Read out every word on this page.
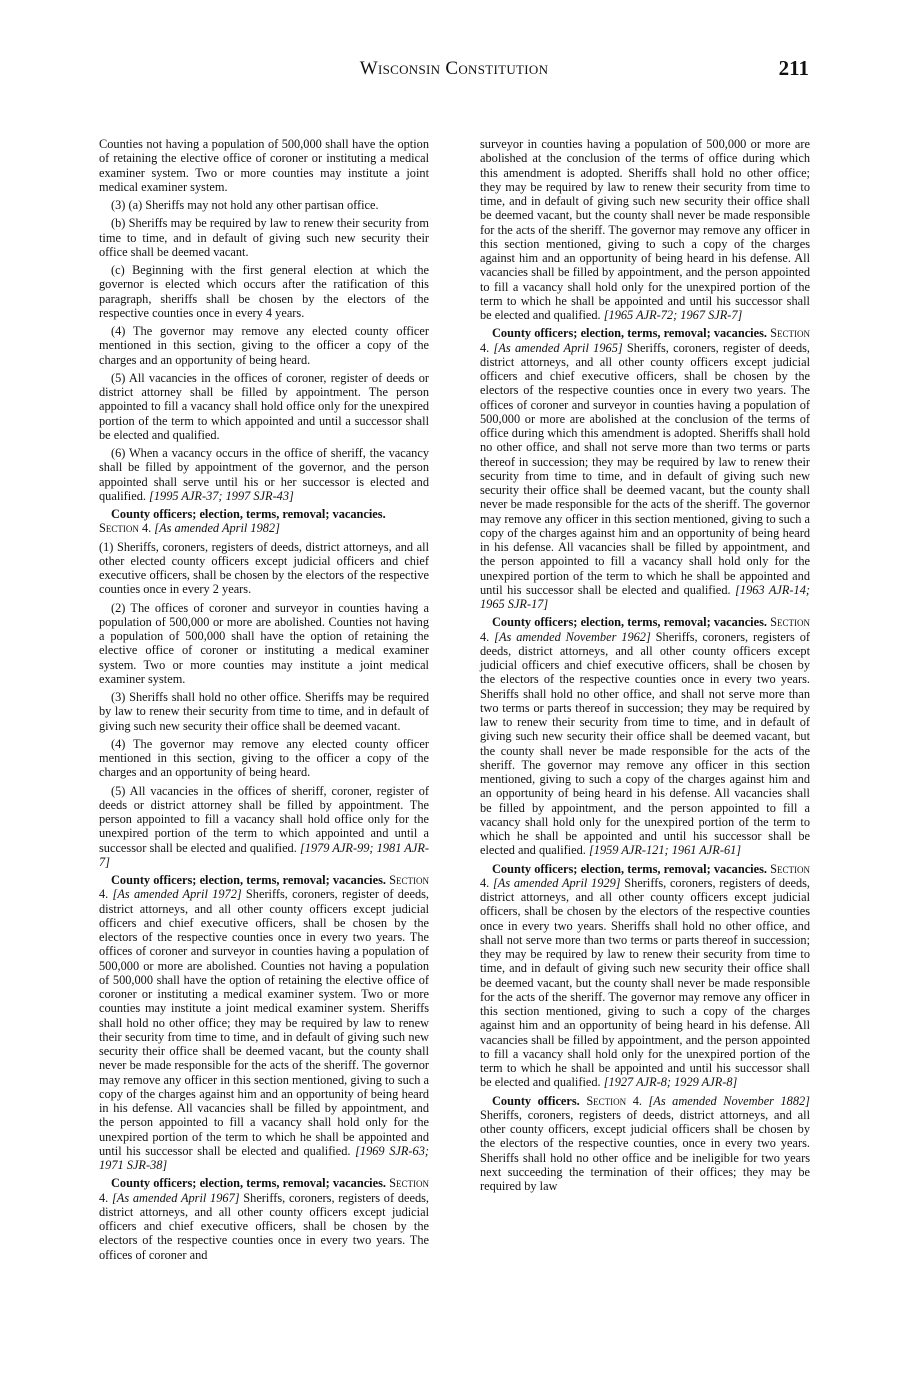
Wisconsin Constitution	211

Counties not having a population of 500,000 shall have the option of retaining the elective office of coroner or instituting a medical examiner system. Two or more counties may institute a joint medical examiner system.

(3) (a) Sheriffs may not hold any other partisan office.

(b) Sheriffs may be required by law to renew their security from time to time, and in default of giving such new security their office shall be deemed vacant.

(c) Beginning with the first general election at which the governor is elected which occurs after the ratification of this paragraph, sheriffs shall be chosen by the electors of the respective counties once in every 4 years.

(4) The governor may remove any elected county officer mentioned in this section, giving to the officer a copy of the charges and an opportunity of being heard.

(5) All vacancies in the offices of coroner, register of deeds or district attorney shall be filled by appointment. The person appointed to fill a vacancy shall hold office only for the unexpired portion of the term to which appointed and until a successor shall be elected and qualified.

(6) When a vacancy occurs in the office of sheriff, the vacancy shall be filled by appointment of the governor, and the person appointed shall serve until his or her successor is elected and qualified. [1995 AJR-37; 1997 SJR-43]

County officers; election, terms, removal; vacancies.
Section 4. [As amended April 1982]

(1) Sheriffs, coroners, registers of deeds, district attorneys, and all other elected county officers except judicial officers and chief executive officers, shall be chosen by the electors of the respective counties once in every 2 years.

(2) The offices of coroner and surveyor in counties having a population of 500,000 or more are abolished. Counties not having a population of 500,000 shall have the option of retaining the elective office of coroner or instituting a medical examiner system. Two or more counties may institute a joint medical examiner system.

(3) Sheriffs shall hold no other office. Sheriffs may be required by law to renew their security from time to time, and in default of giving such new security their office shall be deemed vacant.

(4) The governor may remove any elected county officer mentioned in this section, giving to the officer a copy of the charges and an opportunity of being heard.

(5) All vacancies in the offices of sheriff, coroner, register of deeds or district attorney shall be filled by appointment. The person appointed to fill a vacancy shall hold office only for the unexpired portion of the term to which appointed and until a successor shall be elected and qualified. [1979 AJR-99; 1981 AJR-7]

County officers; election, terms, removal; vacancies. Section 4. [As amended April 1972] Sheriffs, coroners, register of deeds, district attorneys, and all other county officers except judicial officers and chief executive officers, shall be chosen by the electors of the respective counties once in every two years. The offices of coroner and surveyor in counties having a population of 500,000 or more are abolished. Counties not having a population of 500,000 shall have the option of retaining the elective office of coroner or instituting a medical examiner system. Two or more counties may institute a joint medical examiner system. Sheriffs shall hold no other office; they may be required by law to renew their security from time to time, and in default of giving such new security their office shall be deemed vacant, but the county shall never be made responsible for the acts of the sheriff. The governor may remove any officer in this section mentioned, giving to such a copy of the charges against him and an opportunity of being heard in his defense. All vacancies shall be filled by appointment, and the person appointed to fill a vacancy shall hold only for the unexpired portion of the term to which he shall be appointed and until his successor shall be elected and qualified. [1969 SJR-63; 1971 SJR-38]

County officers; election, terms, removal; vacancies. Section 4. [As amended April 1967] Sheriffs, coroners, registers of deeds, district attorneys, and all other county officers except judicial officers and chief executive officers, shall be chosen by the electors of the respective counties once in every two years. The offices of coroner and

surveyor in counties having a population of 500,000 or more are abolished at the conclusion of the terms of office during which this amendment is adopted. Sheriffs shall hold no other office; they may be required by law to renew their security from time to time, and in default of giving such new security their office shall be deemed vacant, but the county shall never be made responsible for the acts of the sheriff. The governor may remove any officer in this section mentioned, giving to such a copy of the charges against him and an opportunity of being heard in his defense. All vacancies shall be filled by appointment, and the person appointed to fill a vacancy shall hold only for the unexpired portion of the term to which he shall be appointed and until his successor shall be elected and qualified. [1965 AJR-72; 1967 SJR-7]

County officers; election, terms, removal; vacancies. Section 4. [As amended April 1965] Sheriffs, coroners, register of deeds, district attorneys, and all other county officers except judicial officers and chief executive officers, shall be chosen by the electors of the respective counties once in every two years. The offices of coroner and surveyor in counties having a population of 500,000 or more are abolished at the conclusion of the terms of office during which this amendment is adopted. Sheriffs shall hold no other office, and shall not serve more than two terms or parts thereof in succession; they may be required by law to renew their security from time to time, and in default of giving such new security their office shall be deemed vacant, but the county shall never be made responsible for the acts of the sheriff. The governor may remove any officer in this section mentioned, giving to such a copy of the charges against him and an opportunity of being heard in his defense. All vacancies shall be filled by appointment, and the person appointed to fill a vacancy shall hold only for the unexpired portion of the term to which he shall be appointed and until his successor shall be elected and qualified. [1963 AJR-14; 1965 SJR-17]

County officers; election, terms, removal; vacancies. Section 4. [As amended November 1962] Sheriffs, coroners, registers of deeds, district attorneys, and all other county officers except judicial officers and chief executive officers, shall be chosen by the electors of the respective counties once in every two years. Sheriffs shall hold no other office, and shall not serve more than two terms or parts thereof in succession; they may be required by law to renew their security from time to time, and in default of giving such new security their office shall be deemed vacant, but the county shall never be made responsible for the acts of the sheriff. The governor may remove any officer in this section mentioned, giving to such a copy of the charges against him and an opportunity of being heard in his defense. All vacancies shall be filled by appointment, and the person appointed to fill a vacancy shall hold only for the unexpired portion of the term to which he shall be appointed and until his successor shall be elected and qualified. [1959 AJR-121; 1961 AJR-61]

County officers; election, terms, removal; vacancies. Section 4. [As amended April 1929] Sheriffs, coroners, registers of deeds, district attorneys, and all other county officers except judicial officers, shall be chosen by the electors of the respective counties once in every two years. Sheriffs shall hold no other office, and shall not serve more than two terms or parts thereof in succession; they may be required by law to renew their security from time to time, and in default of giving such new security their office shall be deemed vacant, but the county shall never be made responsible for the acts of the sheriff. The governor may remove any officer in this section mentioned, giving to such a copy of the charges against him and an opportunity of being heard in his defense. All vacancies shall be filled by appointment, and the person appointed to fill a vacancy shall hold only for the unexpired portion of the term to which he shall be appointed and until his successor shall be elected and qualified. [1927 AJR-8; 1929 AJR-8]

County officers. Section 4. [As amended November 1882] Sheriffs, coroners, registers of deeds, district attorneys, and all other county officers, except judicial officers shall be chosen by the electors of the respective counties, once in every two years. Sheriffs shall hold no other office and be ineligible for two years next succeeding the termination of their offices; they may be required by law
